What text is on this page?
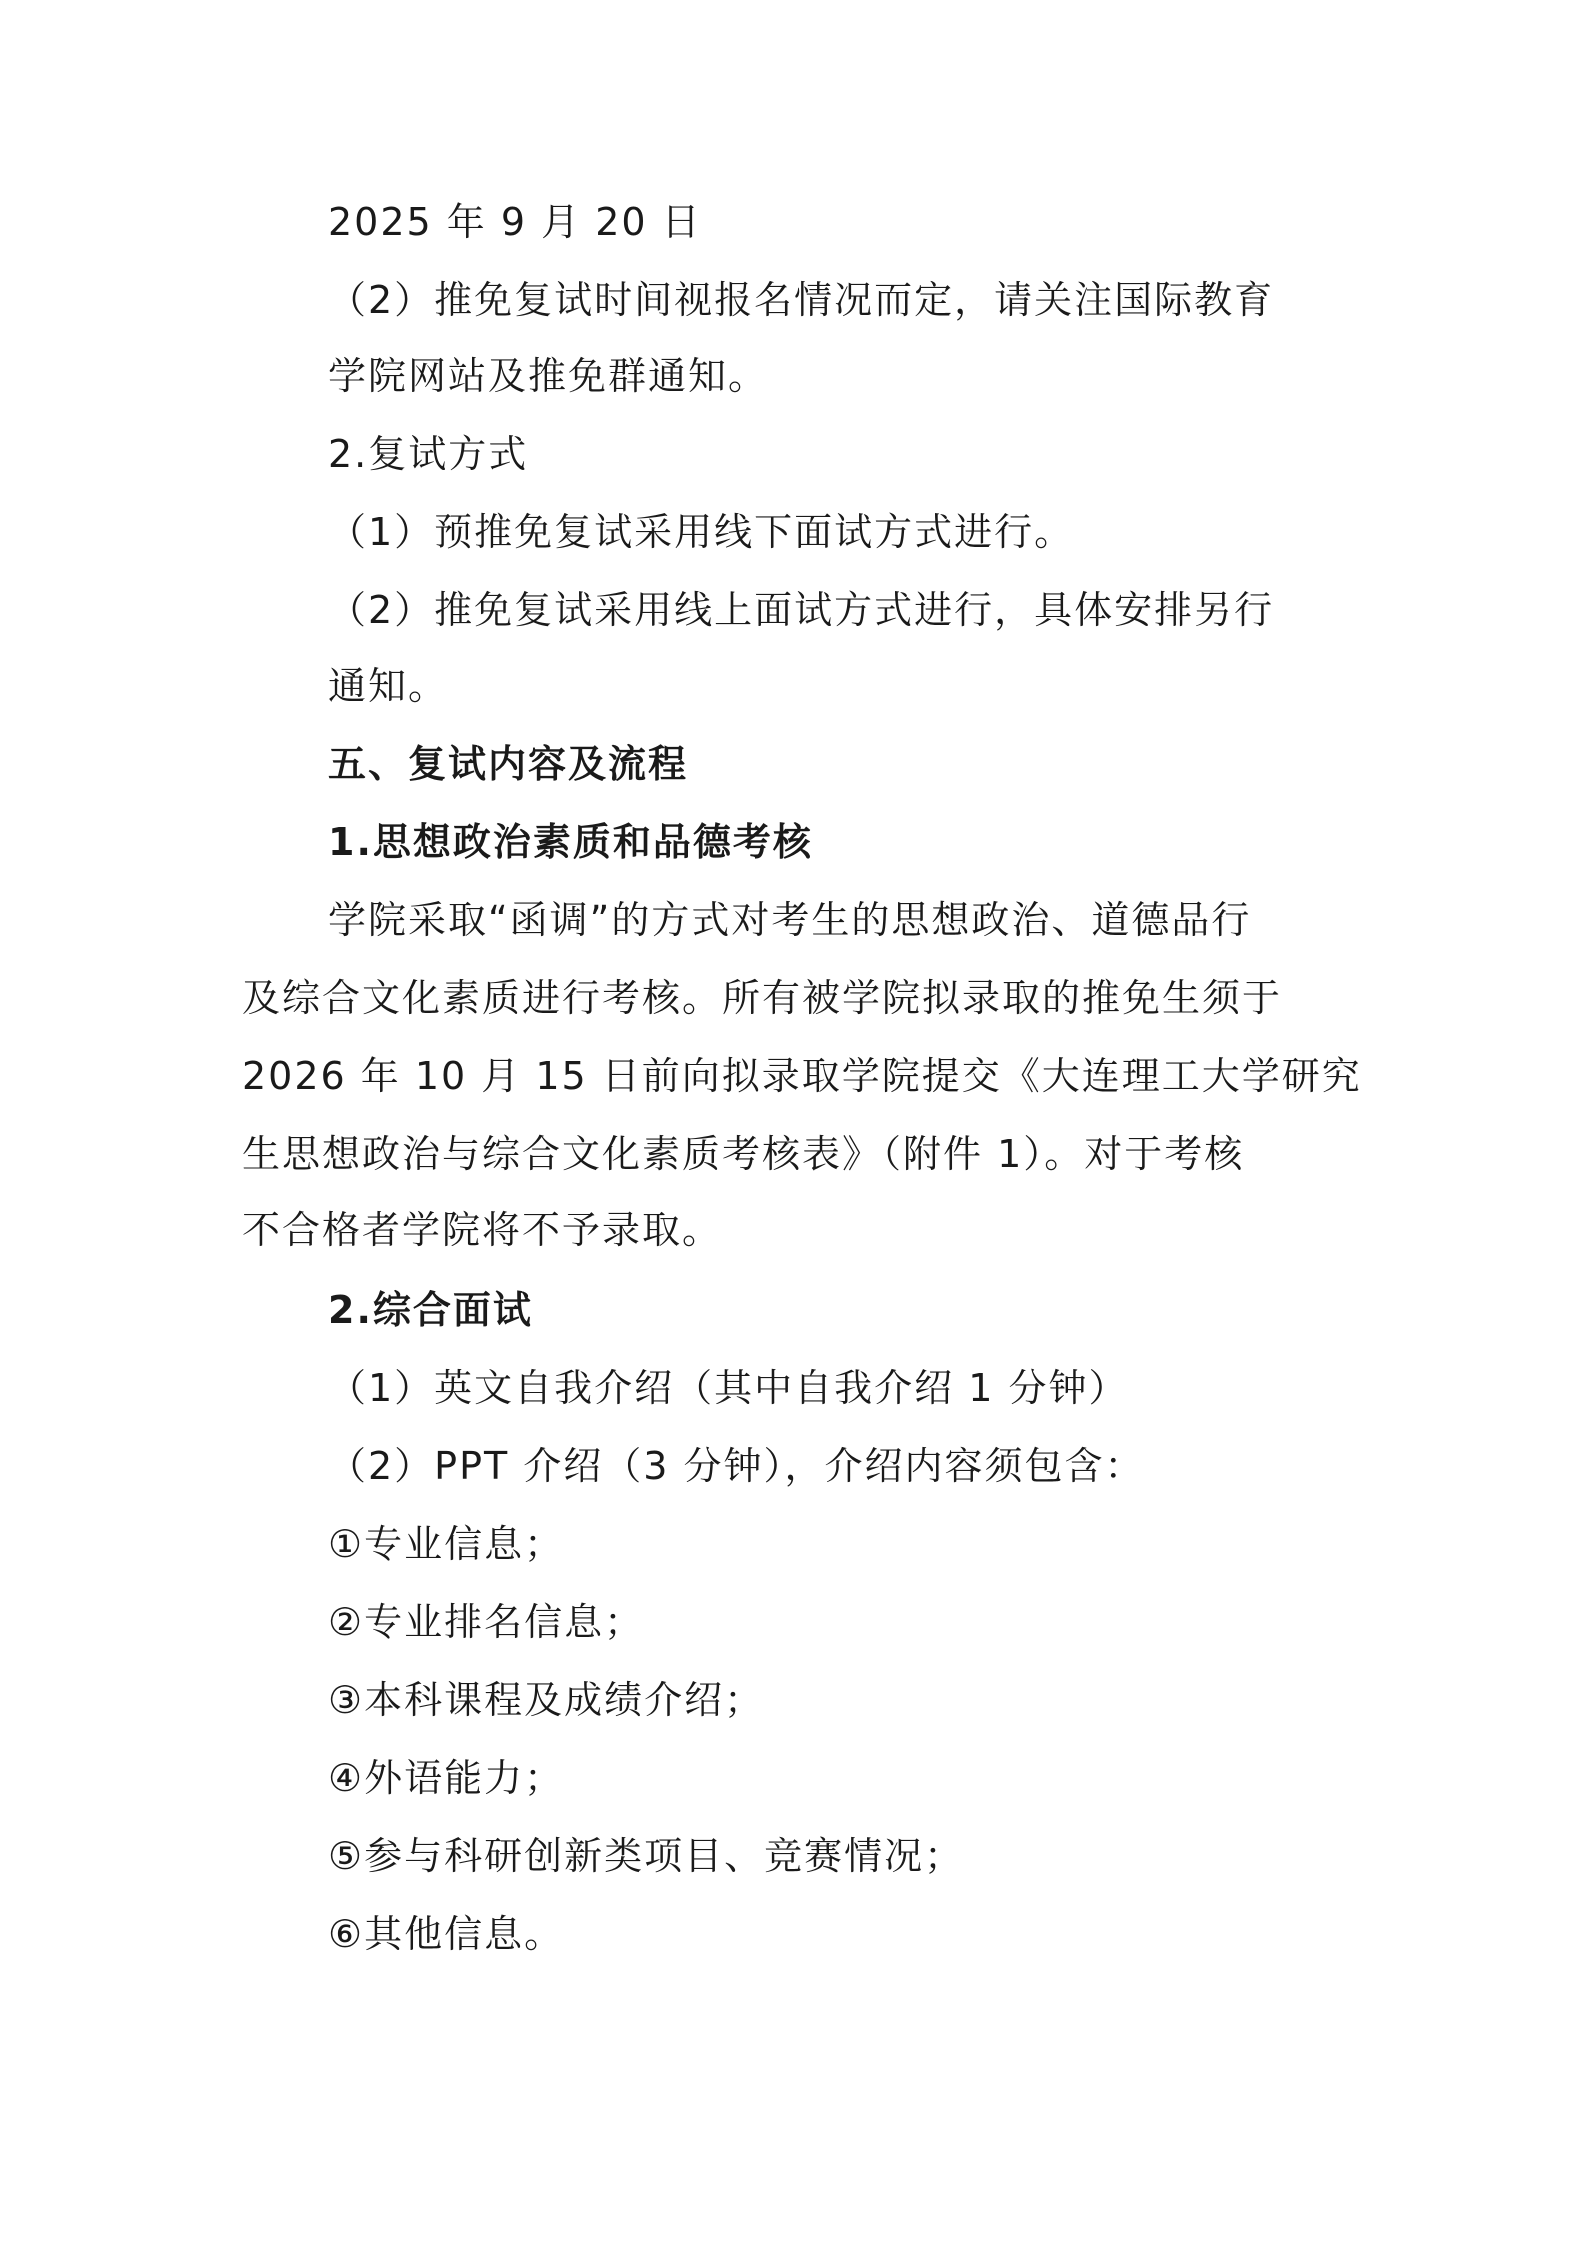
2025 年 9 月 20 日
（2）推免复试时间视报名情况而定，请关注国际教育
学院网站及推免群通知。
2.复试方式
（1）预推免复试采用线下面试方式进行。
（2）推免复试采用线上面试方式进行，具体安排另行
通知。
五、复试内容及流程
1.思想政治素质和品德考核
学院采取“函调”的方式对考生的思想政治、道德品行
及综合文化素质进行考核。所有被学院拟录取的推免生须于
2026 年 10 月 15 日前向拟录取学院提交《大连理工大学研究
生思想政治与综合文化素质考核表》（附件 1）。对于考核
不合格者学院将不予录取。
2.综合面试
（1）英文自我介绍（其中自我介绍 1 分钟）
（2）PPT 介绍（3 分钟），介绍内容须包含：
①专业信息；
②专业排名信息；
③本科课程及成绩介绍；
④外语能力；
⑤参与科研创新类项目、竞赛情况；
⑥其他信息。
